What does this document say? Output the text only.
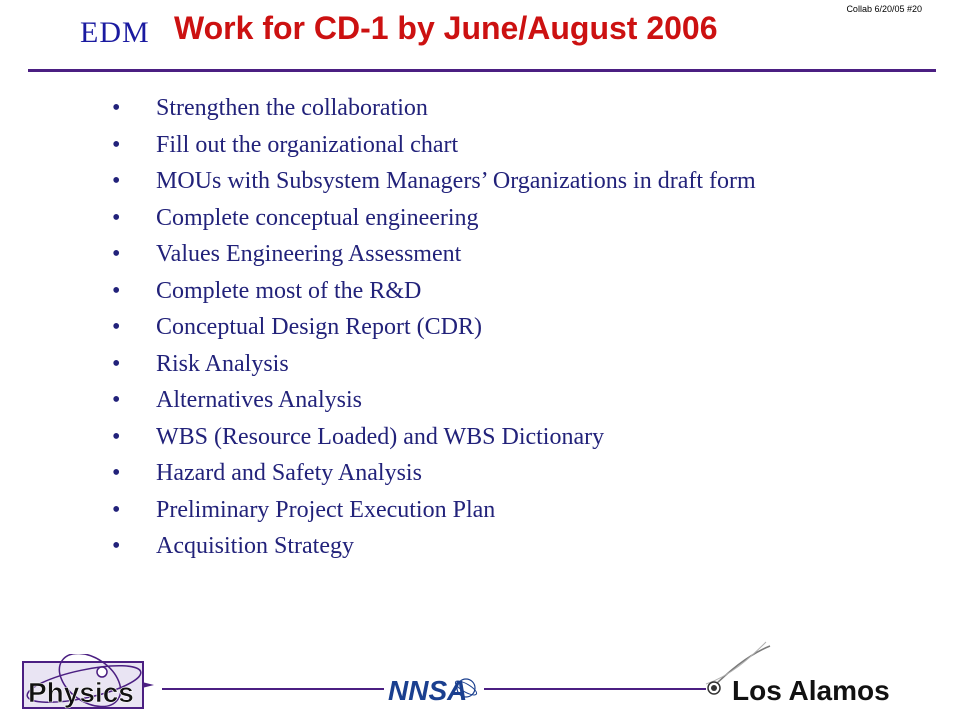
EDM Work for CD-1 by June/August 2006
Collab 6/20/05 #20
• Strengthen the collaboration
• Fill out the organizational chart
• MOUs with Subsystem Managers’ Organizations in draft form
• Complete conceptual engineering
• Values Engineering Assessment
• Complete most of the R&D
• Conceptual Design Report (CDR)
• Risk Analysis
• Alternatives Analysis
• WBS (Resource Loaded) and WBS Dictionary
• Hazard and Safety Analysis
• Preliminary Project Execution Plan
• Acquisition Strategy
Physics	NNSA	Los Alamos
